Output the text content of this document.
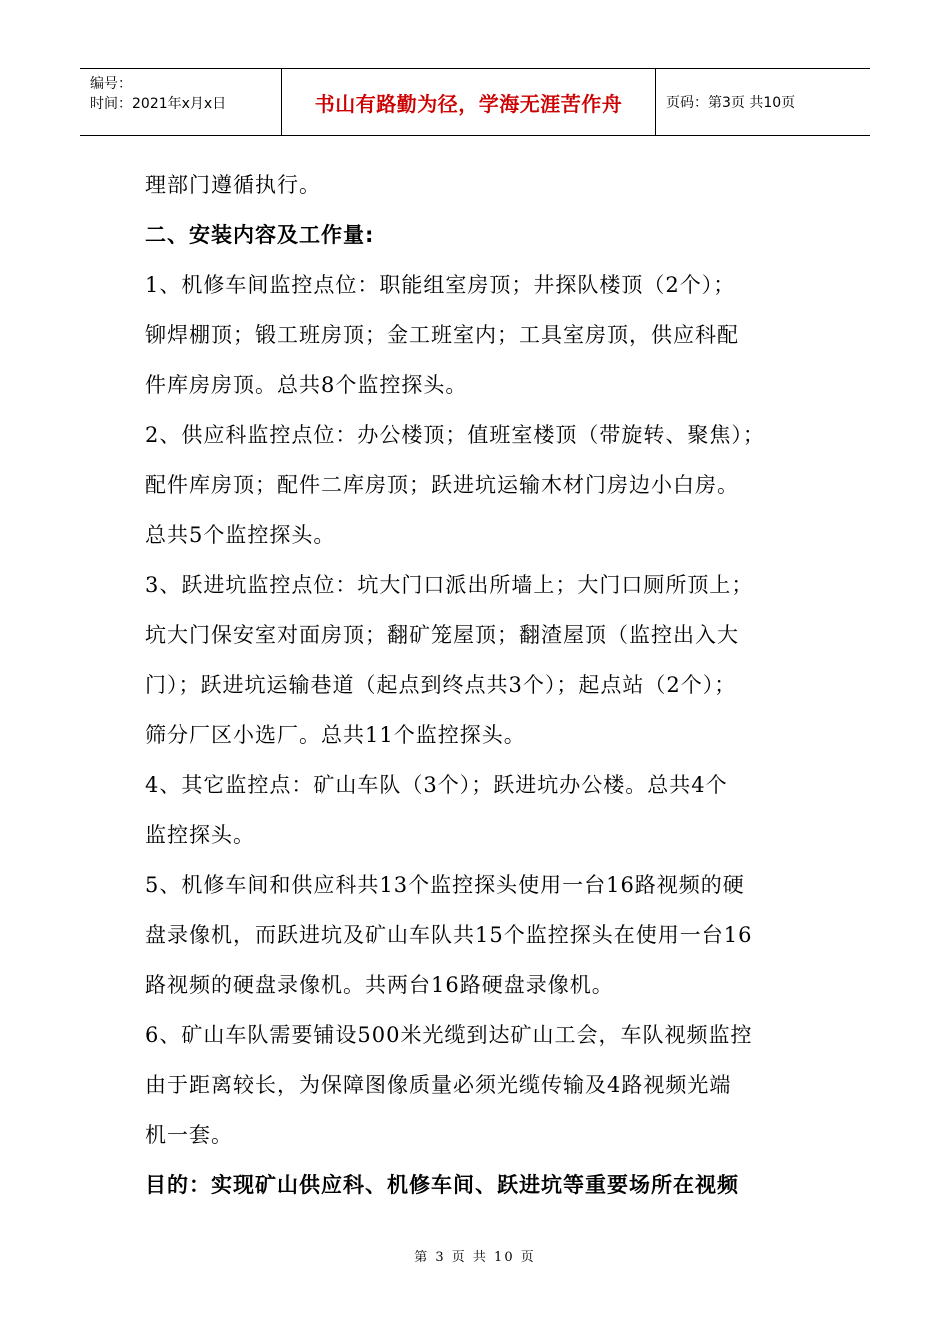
编号：
时间：2021年x月x日	书山有路勤为径，学海无涯苦作舟	页码：第3页 共10页
理部门遵循执行。
二、安装内容及工作量:
1、机修车间监控点位：职能组室房顶；井探队楼顶（2个）；
铆焊棚顶；锻工班房顶；金工班室内；工具室房顶，供应科配
件库房房顶。总共8个监控探头。
2、供应科监控点位：办公楼顶；值班室楼顶（带旋转、聚焦）；
配件库房顶；配件二库房顶；跃进坑运输木材门房边小白房。
总共5个监控探头。
3、跃进坑监控点位：坑大门口派出所墙上；大门口厕所顶上；
坑大门保安室对面房顶；翻矿笼屋顶；翻渣屋顶（监控出入大
门）；跃进坑运输巷道（起点到终点共3个）；起点站（2个）；
筛分厂区小选厂。总共11个监控探头。
4、其它监控点：矿山车队（3个）；跃进坑办公楼。总共4个
监控探头。
5、机修车间和供应科共13个监控探头使用一台16路视频的硬
盘录像机，而跃进坑及矿山车队共15个监控探头在使用一台16
路视频的硬盘录像机。共两台16路硬盘录像机。
6、矿山车队需要铺设500米光缆到达矿山工会，车队视频监控
由于距离较长，为保障图像质量必须光缆传输及4路视频光端
机一套。
目的：实现矿山供应科、机修车间、跃进坑等重要场所在视频
第 3 页 共 10 页
